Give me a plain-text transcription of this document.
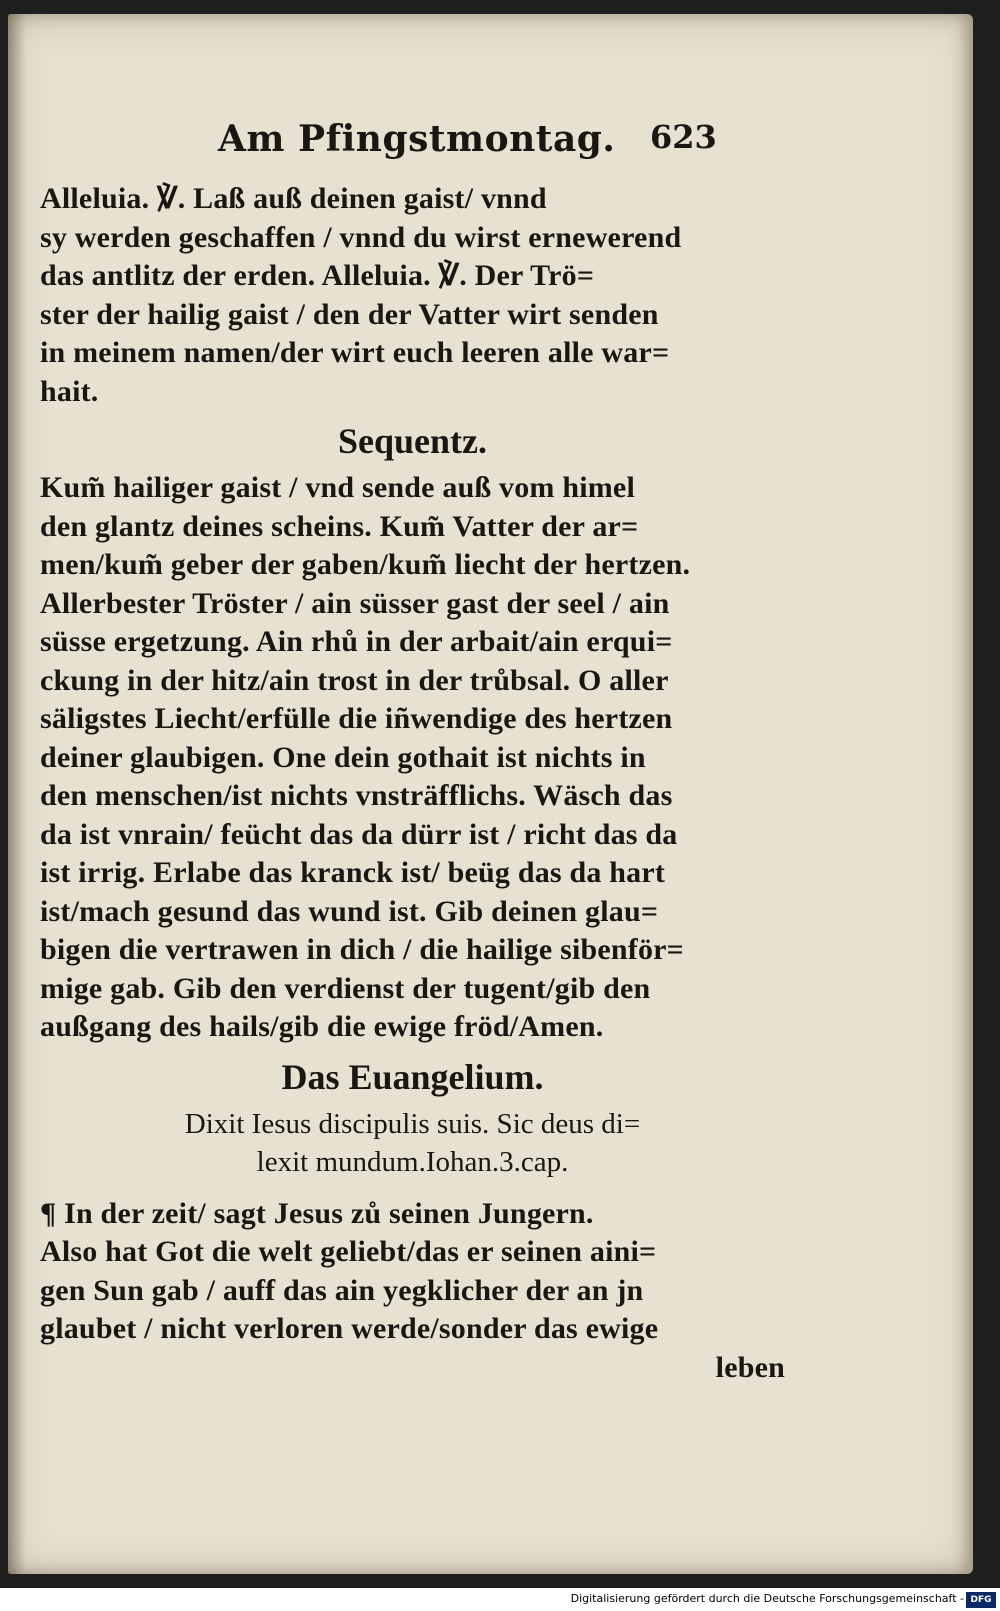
Am Pfingstmontag. 623
Alleluia. ℣. Laß auß deinen gaist/ vnnd
sy werden geschaffen / vnnd du wirst ernewerend
das antlitz der erden. Alleluia. ℣. Der Trö=
ster der hailig gaist / den der Vatter wirt senden
in meinem namen/der wirt euch leeren alle war=
hait.
Sequentz.
Kum̃ hailiger gaist / vnd sende auß vom himel
den glantz deines scheins. Kum̃ Vatter der ar=
men/kum̃ geber der gaben/kum̃ liecht der hertzen.
Allerbester Tröster / ain süsser gast der seel / ain
süsse ergetzung. Ain rhů in der arbait/ain erqui=
ckung in der hitz/ain trost in der trůbsal. O aller
säligstes Liecht/erfülle die iñwendige des hertzen
deiner glaubigen. One dein gothait ist nichts in
den menschen/ist nichts vnsträfflichs. Wäsch das
da ist vnrain/ feücht das da dürr ist / richt das da
ist irrig. Erlabe das kranck ist/ beüg das da hart
ist/mach gesund das wund ist. Gib deinen glau=
bigen die vertrawen in dich / die hailige sibenför=
mige gab. Gib den verdienst der tugent/gib den
außgang des hails/gib die ewige fröd/Amen.
Das Euangelium.
Dixit Iesus discipulis suis. Sic deus di=
lexit mundum.Iohan.3.cap.
¶ In der zeit/ sagt Jesus zů seinen Jungern.
Also hat Got die welt geliebt/das er seinen aini=
gen Sun gab / auff das ain yegklicher der an jn
glaubet / nicht verloren werde/sonder das ewige
leben
Digitalisierung gefördert durch die Deutsche Forschungsgemeinschaft - DFG
